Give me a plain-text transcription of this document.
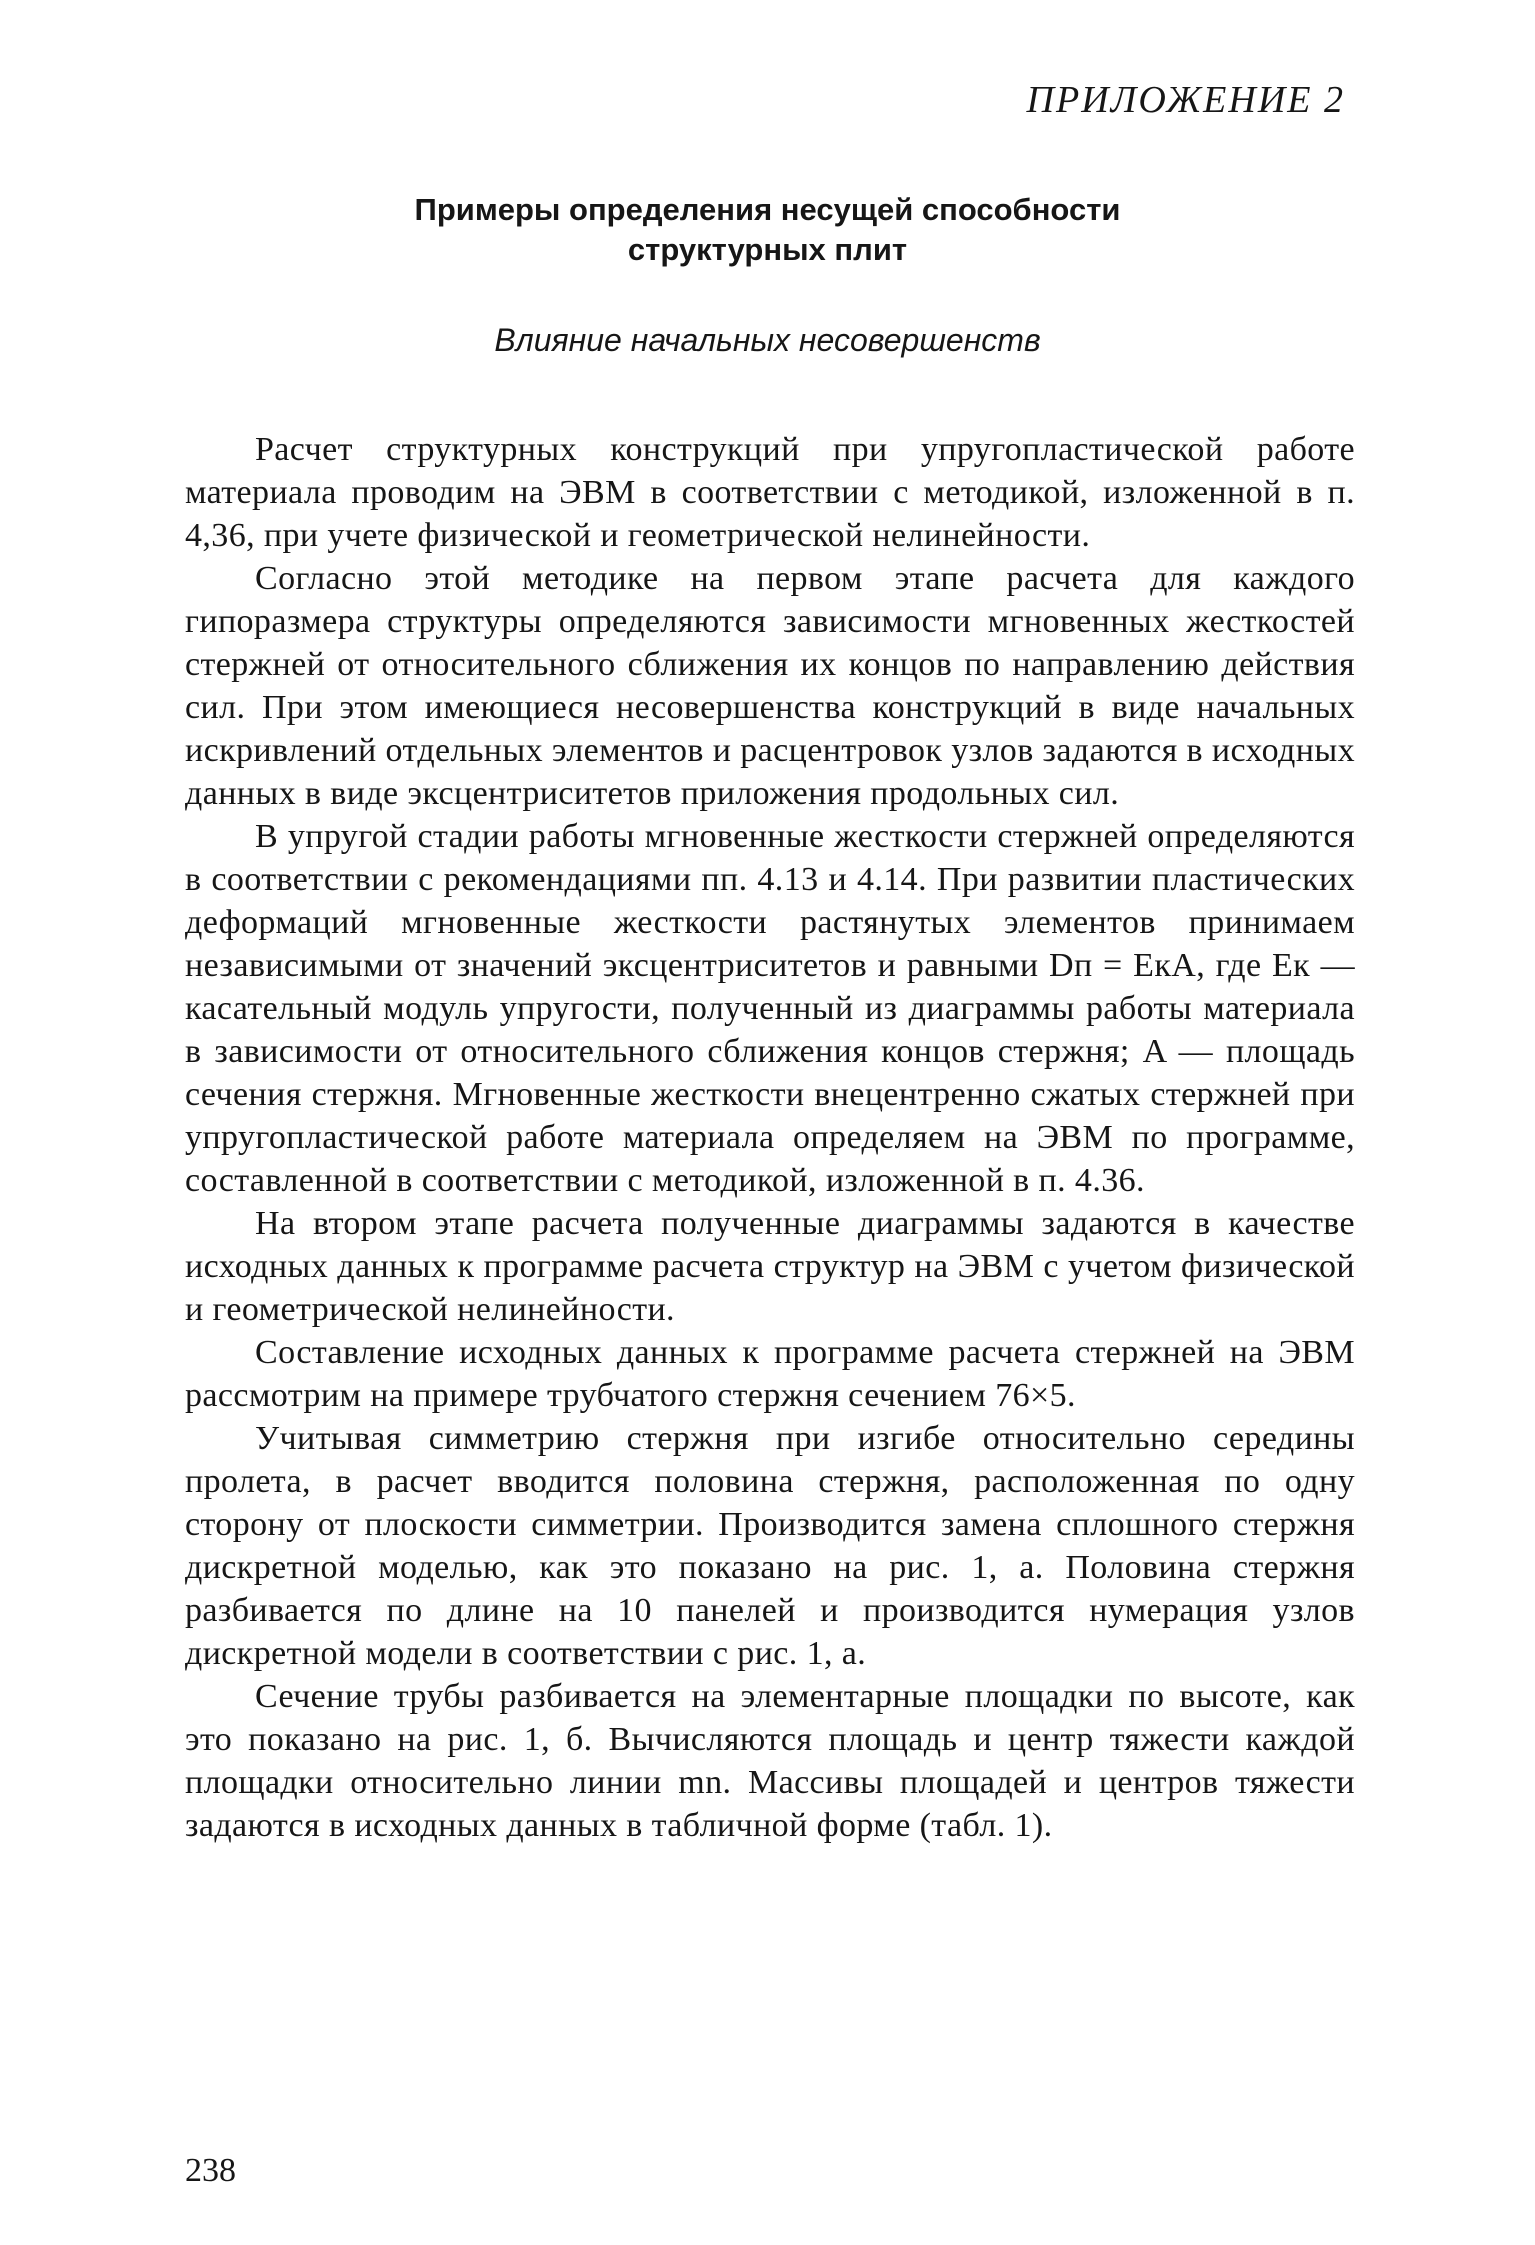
ПРИЛОЖЕНИЕ 2
Примеры определения несущей способности
структурных плит
Влияние начальных несовершенств

Расчет структурных конструкций при упругопластической работе материала проводим на ЭВМ в соответствии с методикой, изложенной в п. 4,36, при учете физической и геометрической нелинейности.

Согласно этой методике на первом этапе расчета для каждого гипоразмера структуры определяются зависимости мгновенных жесткостей стержней от относительного сближения их концов по направлению действия сил. При этом имеющиеся несовершенства конструкций в виде начальных искривлений отдельных элементов и расцентровок узлов задаются в исходных данных в виде эксцентриситетов приложения продольных сил.

В упругой стадии работы мгновенные жесткости стержней определяются в соответствии с рекомендациями пп. 4.13 и 4.14. При развитии пластических деформаций мгновенные жесткости растянутых элементов принимаем независимыми от значений эксцентриситетов и равными Dп = EкA, где Eк — касательный модуль упругости, полученный из диаграммы работы материала в зависимости от относительного сближения концов стержня; A — площадь сечения стержня. Мгновенные жесткости внецентренно сжатых стержней при упругопластической работе материала определяем на ЭВМ по программе, составленной в соответствии с методикой, изложенной в п. 4.36.

На втором этапе расчета полученные диаграммы задаются в качестве исходных данных к программе расчета структур на ЭВМ с учетом физической и геометрической нелинейности.

Составление исходных данных к программе расчета стержней на ЭВМ рассмотрим на примере трубчатого стержня сечением 76×5.

Учитывая симметрию стержня при изгибе относительно середины пролета, в расчет вводится половина стержня, расположенная по одну сторону от плоскости симметрии. Производится замена сплошного стержня дискретной моделью, как это показано на рис. 1, а. Половина стержня разбивается по длине на 10 панелей и производится нумерация узлов дискретной модели в соответствии с рис. 1, а.

Сечение трубы разбивается на элементарные площадки по высоте, как это показано на рис. 1, б. Вычисляются площадь и центр тяжести каждой площадки относительно линии mn. Массивы площадей и центров тяжести задаются в исходных данных в табличной форме (табл. 1).

238
